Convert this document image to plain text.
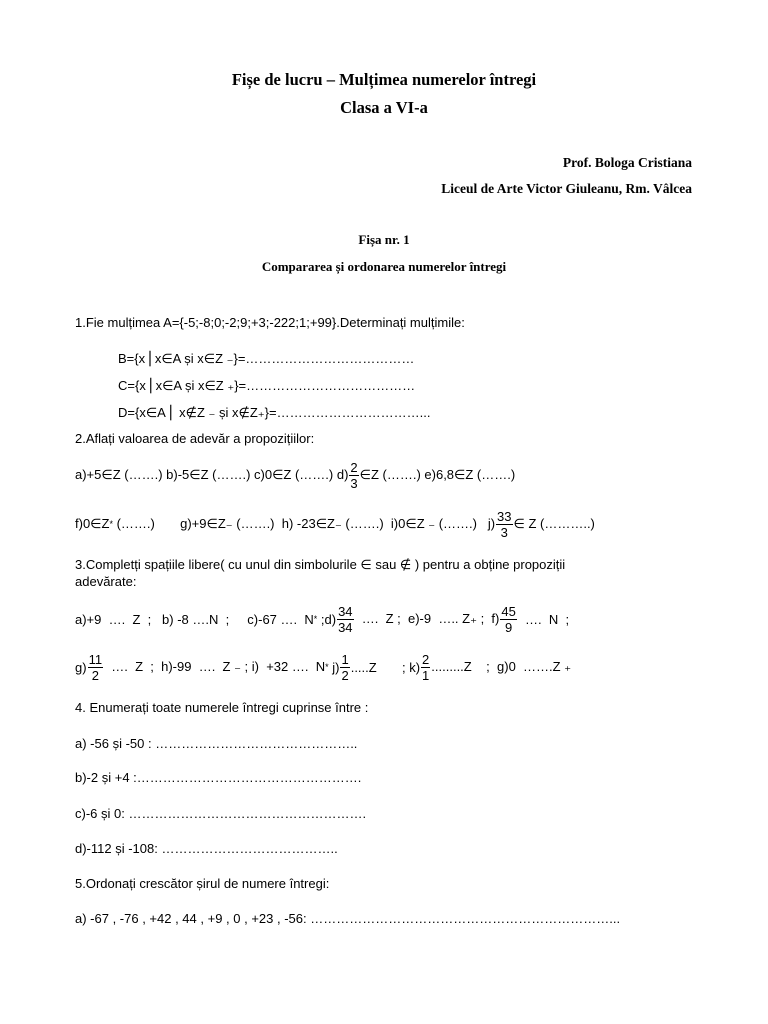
Fișe de lucru – Mulțimea numerelor întregi
Clasa a VI-a
Prof. Bologa Cristiana
Liceul de Arte Victor Giuleanu, Rm. Vâlcea
Fișa nr. 1
Compararea și ordonarea numerelor întregi
1.Fie mulțimea A={-5;-8;0;-2;9;+3;-222;1;+99}.Determinați mulțimile:
B={x⎪x∈A și x∈Z ₋}=…………………………………
C={x⎪x∈A și x∈Z ₊}=…………………………………
D={x∈A⎪ x∉Z ₋ și x∉Z₊}=……………………………...
2.Aflați valoarea de adevăr a propozițiilor:
a)+5∈Z (…….) b)-5∈Z (…….) c)0∈Z (…….) $d) \frac{2}{3}$ ∈Z (…….) e)6,8∈Z (…….)
f)0∈Z * (…….)       g)+9∈Z₋ (…….)  h) -23∈Z₋ (…….)  i)0∈Z ₋ (…….)   $j) \frac{33}{3}$ ∈ Z (………..)
3.Completți spațiile libere( cu unul din simbolurile ∈ sau ∉ ) pentru a obține propoziții
adevărate:
a)+9  ….  Z  ;   b) -8 ….N  ;     c)-67 ….  N * ;d) $\frac{34}{34}$ ….  Z ;  e)-9  ….. Z₊ ;  $f) \frac{45}{9}$ ….  N  ;
$g) \frac{11}{2}$ ….  Z  ;  h)-99  ….  Z ₋ ; i)  +32 ….  N * $j) \frac{1}{2} .....Z$       ; $k) \frac{2}{1} .........Z$    ;  g)0  …….Z ₊
4. Enumerați toate numerele întregi cuprinse între :
a) -56 și -50 : ………………………………………..
b)-2 și +4 :…………………………………………….
c)-6 și 0: ……………………………………………….
d)-112 și -108: …………………………………..
5.Ordonați crescător șirul de numere întregi:
a) -67 , -76 , +42 , 44 , +9 , 0 , +23 , -56: ……………………………………………………………...
